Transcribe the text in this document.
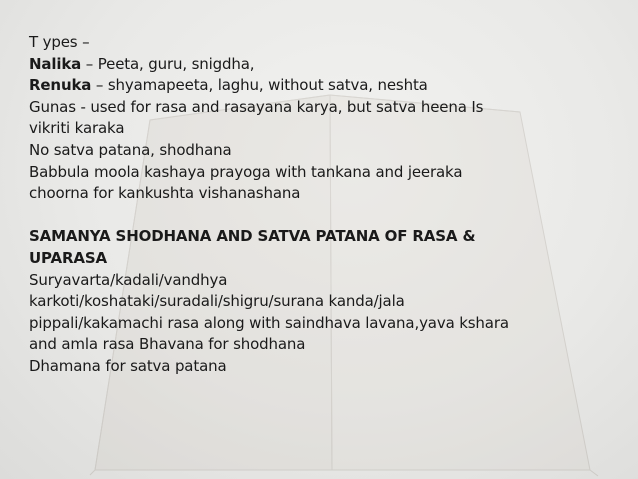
T ypes –
Nalika – Peeta, guru, snigdha,
Renuka – shyamapeeta, laghu, without satva, neshta
Gunas - used for rasa and rasayana karya, but satva heena Is
vikriti karaka
No satva patana, shodhana
Babbula moola kashaya prayoga with tankana and jeeraka
choorna for kankushta vishanashana
SAMANYA SHODHANA AND SATVA PATANA OF RASA &
UPARASA
Suryavarta/kadali/vandhya
karkoti/koshataki/suradali/shigru/surana kanda/jala
pippali/kakamachi rasa along with saindhava lavana,yava kshara
and amla rasa Bhavana for shodhana
Dhamana for satva patana
